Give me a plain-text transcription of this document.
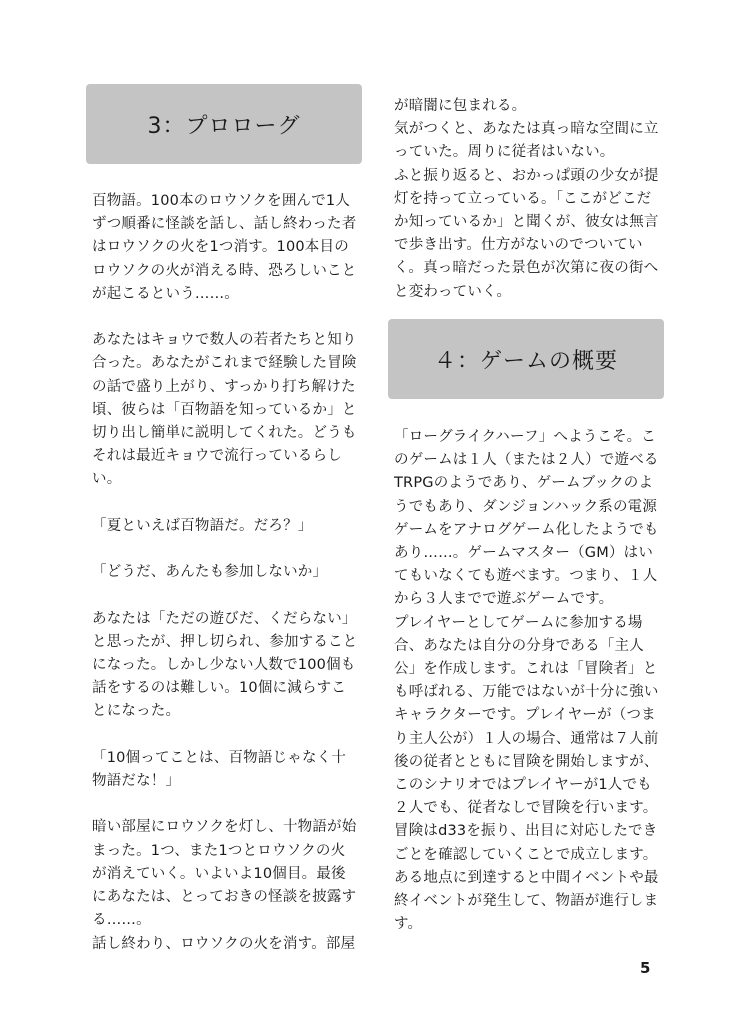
3：プロローグ
百物語。100本のロウソクを囲んで1人ずつ順番に怪談を話し、話し終わった者はロウソクの火を1つ消す。100本目のロウソクの火が消える時、恐ろしいことが起こるという……。

あなたはキョウで数人の若者たちと知り合った。あなたがこれまで経験した冒険の話で盛り上がり、すっかり打ち解けた頃、彼らは「百物語を知っているか」と切り出し簡単に説明してくれた。どうもそれは最近キョウで流行っているらしい。

「夏といえば百物語だ。だろ？」

「どうだ、あんたも参加しないか」

あなたは「ただの遊びだ、くだらない」と思ったが、押し切られ、参加することになった。しかし少ない人数で100個も話をするのは難しい。10個に減らすことになった。

「10個ってことは、百物語じゃなく十物語だな！」

暗い部屋にロウソクを灯し、十物語が始まった。1つ、また1つとロウソクの火が消えていく。いよいよ10個目。最後にあなたは、とっておきの怪談を披露する……。
話し終わり、ロウソクの火を消す。部屋
が暗闇に包まれる。
気がつくと、あなたは真っ暗な空間に立っていた。周りに従者はいない。
ふと振り返ると、おかっぱ頭の少女が提灯を持って立っている。「ここがどこだか知っているか」と聞くが、彼女は無言で歩き出す。仕方がないのでついていく。真っ暗だった景色が次第に夜の街へと変わっていく。
４：ゲームの概要
「ローグライクハーフ」へようこそ。このゲームは１人（または２人）で遊べるTRPGのようであり、ゲームブックのようでもあり、ダンジョンハック系の電源ゲームをアナログゲーム化したようでもあり……。ゲームマスター（GM）はいてもいなくても遊べます。つまり、１人から３人までで遊ぶゲームです。
プレイヤーとしてゲームに参加する場合、あなたは自分の分身である「主人公」を作成します。これは「冒険者」とも呼ばれる、万能ではないが十分に強いキャラクターです。プレイヤーが（つまり主人公が）１人の場合、通常は７人前後の従者とともに冒険を開始しますが、このシナリオではプレイヤーが1人でも２人でも、従者なしで冒険を行います。
冒険はd33を振り、出目に対応したできごとを確認していくことで成立します。ある地点に到達すると中間イベントや最終イベントが発生して、物語が進行します。
5
